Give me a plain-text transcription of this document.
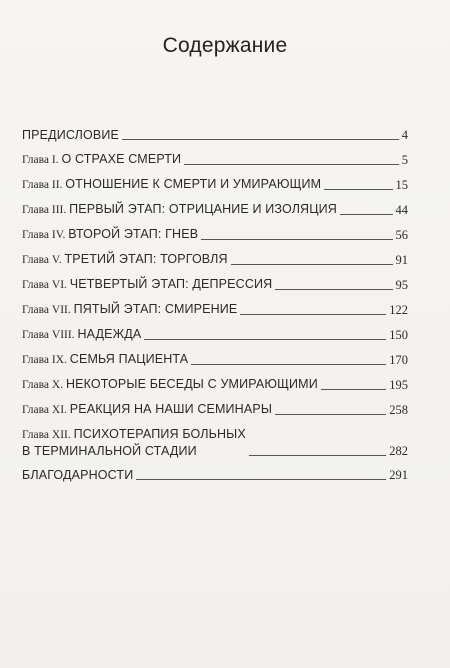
Содержание
ПРЕДИСЛОВИЕ	4
Глава I. О СТРАХЕ СМЕРТИ	5
Глава II. ОТНОШЕНИЕ К СМЕРТИ И УМИРАЮЩИМ	15
Глава III. ПЕРВЫЙ ЭТАП: ОТРИЦАНИЕ И ИЗОЛЯЦИЯ	44
Глава IV. ВТОРОЙ ЭТАП: ГНЕВ	56
Глава V. ТРЕТИЙ ЭТАП: ТОРГОВЛЯ	91
Глава VI. ЧЕТВЕРТЫЙ ЭТАП: ДЕПРЕССИЯ	95
Глава VII. ПЯТЫЙ ЭТАП: СМИРЕНИЕ	122
Глава VIII. НАДЕЖДА	150
Глава IX. СЕМЬЯ ПАЦИЕНТА	170
Глава X. НЕКОТОРЫЕ БЕСЕДЫ С УМИРАЮЩИМИ	195
Глава XI. РЕАКЦИЯ НА НАШИ СЕМИНАРЫ	258
Глава XII. ПСИХОТЕРАПИЯ БОЛЬНЫХ
В ТЕРМИНАЛЬНОЙ СТАДИИ	282
БЛАГОДАРНОСТИ	291
